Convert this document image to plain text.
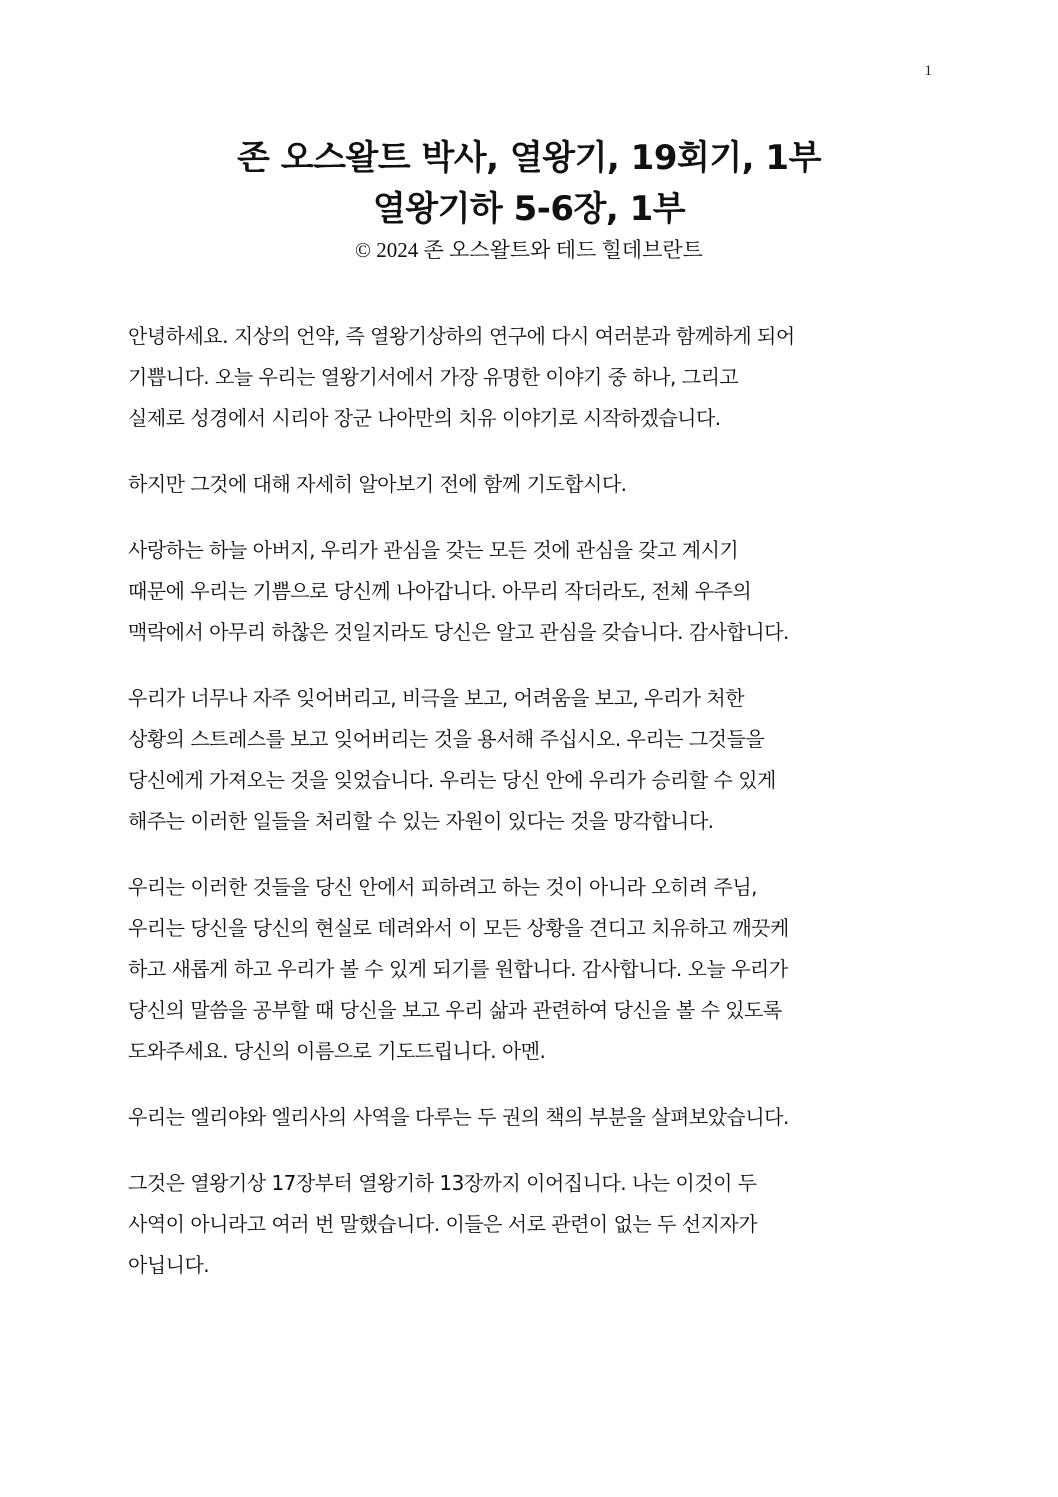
1
존 오스왈트 박사, 열왕기, 19회기, 1부
열왕기하 5-6장, 1부
© 2024 존 오스왈트와 테드 힐데브란트
안녕하세요. 지상의 언약, 즉 열왕기상하의 연구에 다시 여러분과 함께하게 되어
기쁩니다. 오늘 우리는 열왕기서에서 가장 유명한 이야기 중 하나, 그리고
실제로 성경에서 시리아 장군 나아만의 치유 이야기로 시작하겠습니다.
하지만 그것에 대해 자세히 알아보기 전에 함께 기도합시다.
사랑하는 하늘 아버지, 우리가 관심을 갖는 모든 것에 관심을 갖고 계시기
때문에 우리는 기쁨으로 당신께 나아갑니다. 아무리 작더라도, 전체 우주의
맥락에서 아무리 하찮은 것일지라도 당신은 알고 관심을 갖습니다. 감사합니다.
우리가 너무나 자주 잊어버리고, 비극을 보고, 어려움을 보고, 우리가 처한
상황의 스트레스를 보고 잊어버리는 것을 용서해 주십시오. 우리는 그것들을
당신에게 가져오는 것을 잊었습니다. 우리는 당신 안에 우리가 승리할 수 있게
해주는 이러한 일들을 처리할 수 있는 자원이 있다는 것을 망각합니다.
우리는 이러한 것들을 당신 안에서 피하려고 하는 것이 아니라 오히려 주님,
우리는 당신을 당신의 현실로 데려와서 이 모든 상황을 견디고 치유하고 깨끗케
하고 새롭게 하고 우리가 볼 수 있게 되기를 원합니다. 감사합니다. 오늘 우리가
당신의 말씀을 공부할 때 당신을 보고 우리 삶과 관련하여 당신을 볼 수 있도록
도와주세요. 당신의 이름으로 기도드립니다. 아멘.
우리는 엘리야와 엘리사의 사역을 다루는 두 권의 책의 부분을 살펴보았습니다.
그것은 열왕기상 17장부터 열왕기하 13장까지 이어집니다. 나는 이것이 두
사역이 아니라고 여러 번 말했습니다. 이들은 서로 관련이 없는 두 선지자가
아닙니다.
